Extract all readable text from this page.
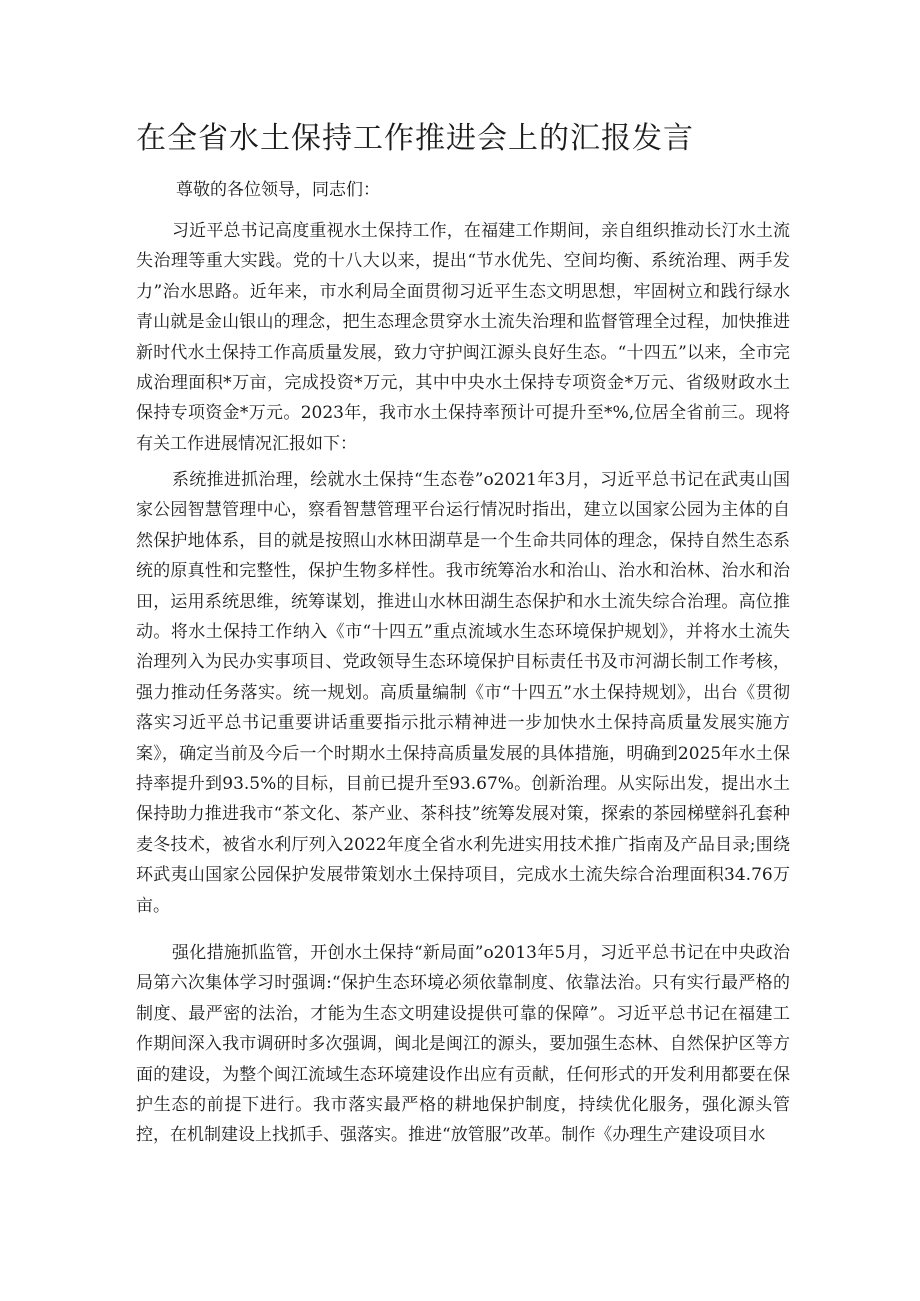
在全省水土保持工作推进会上的汇报发言

尊敬的各位领导，同志们：

习近平总书记高度重视水土保持工作，在福建工作期间，亲自组织推动长汀水土流失治理等重大实践。党的十八大以来，提出“节水优先、空间均衡、系统治理、两手发力”治水思路。近年来，市水利局全面贯彻习近平生态文明思想，牢固树立和践行绿水青山就是金山银山的理念，把生态理念贯穿水土流失治理和监督管理全过程，加快推进新时代水土保持工作高质量发展，致力守护闽江源头良好生态。“十四五”以来，全市完成治理面积*万亩，完成投资*万元，其中中央水土保持专项资金*万元、省级财政水土保持专项资金*万元。2023年，我市水土保持率预计可提升至*%,位居全省前三。现将有关工作进展情况汇报如下：

系统推进抓治理，绘就水土保持“生态卷”o2021年3月，习近平总书记在武夷山国家公园智慧管理中心，察看智慧管理平台运行情况时指出，建立以国家公园为主体的自然保护地体系，目的就是按照山水林田湖草是一个生命共同体的理念，保持自然生态系统的原真性和完整性，保护生物多样性。我市统筹治水和治山、治水和治林、治水和治田，运用系统思维，统筹谋划，推进山水林田湖生态保护和水土流失综合治理。高位推动。将水土保持工作纳入《市“十四五”重点流域水生态环境保护规划》，并将水土流失治理列入为民办实事项目、党政领导生态环境保护目标责任书及市河湖长制工作考核，强力推动任务落实。统一规划。高质量编制《市“十四五”水土保持规划》，出台《贯彻落实习近平总书记重要讲话重要指示批示精神进一步加快水土保持高质量发展实施方案》，确定当前及今后一个时期水土保持高质量发展的具体措施，明确到2025年水土保持率提升到93.5%的目标，目前已提升至93.67%。创新治理。从实际出发，提出水土保持助力推进我市“茶文化、茶产业、茶科技”统筹发展对策，探索的茶园梯壁斜孔套种麦冬技术，被省水利厅列入2022年度全省水利先进实用技术推广指南及产品目录;围绕环武夷山国家公园保护发展带策划水土保持项目，完成水土流失综合治理面积34.76万亩。

强化措施抓监管，开创水土保持“新局面”o2013年5月，习近平总书记在中央政治局第六次集体学习时强调:“保护生态环境必须依靠制度、依靠法治。只有实行最严格的制度、最严密的法治，才能为生态文明建设提供可靠的保障”。习近平总书记在福建工作期间深入我市调研时多次强调，闽北是闽江的源头，要加强生态林、自然保护区等方面的建设，为整个闽江流域生态环境建设作出应有贡献，任何形式的开发利用都要在保护生态的前提下进行。我市落实最严格的耕地保护制度，持续优化服务，强化源头管控，在机制建设上找抓手、强落实。推进“放管服”改革。制作《办理生产建设项目水
